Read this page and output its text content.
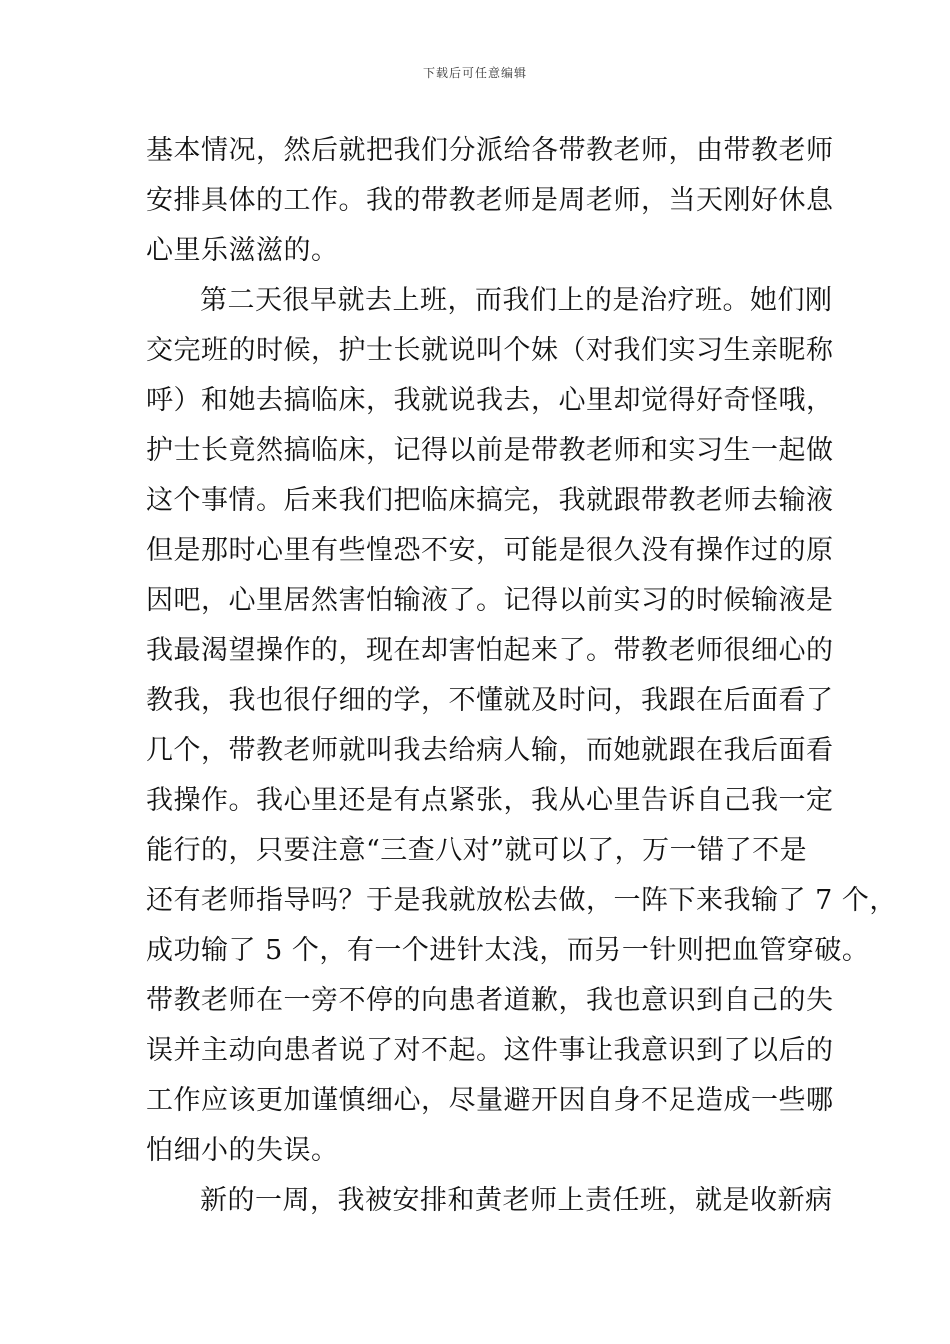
下载后可任意编辑
基本情况，然后就把我们分派给各带教老师，由带教老师
安排具体的工作。我的带教老师是周老师，当天刚好休息
心里乐滋滋的。
第二天很早就去上班，而我们上的是治疗班。她们刚
交完班的时候，护士长就说叫个妹（对我们实习生亲昵称
呼）和她去搞临床，我就说我去，心里却觉得好奇怪哦，
护士长竟然搞临床，记得以前是带教老师和实习生一起做
这个事情。后来我们把临床搞完，我就跟带教老师去输液
但是那时心里有些惶恐不安，可能是很久没有操作过的原
因吧，心里居然害怕输液了。记得以前实习的时候输液是
我最渴望操作的，现在却害怕起来了。带教老师很细心的
教我，我也很仔细的学，不懂就及时问，我跟在后面看了
几个，带教老师就叫我去给病人输，而她就跟在我后面看
我操作。我心里还是有点紧张，我从心里告诉自己我一定
能行的，只要注意“三查八对”就可以了，万一错了不是
还有老师指导吗？于是我就放松去做，一阵下来我输了 7 个，
成功输了 5 个，有一个进针太浅，而另一针则把血管穿破。
带教老师在一旁不停的向患者道歉，我也意识到自己的失
误并主动向患者说了对不起。这件事让我意识到了以后的
工作应该更加谨慎细心，尽量避开因自身不足造成一些哪
怕细小的失误。
新的一周，我被安排和黄老师上责任班，就是收新病
